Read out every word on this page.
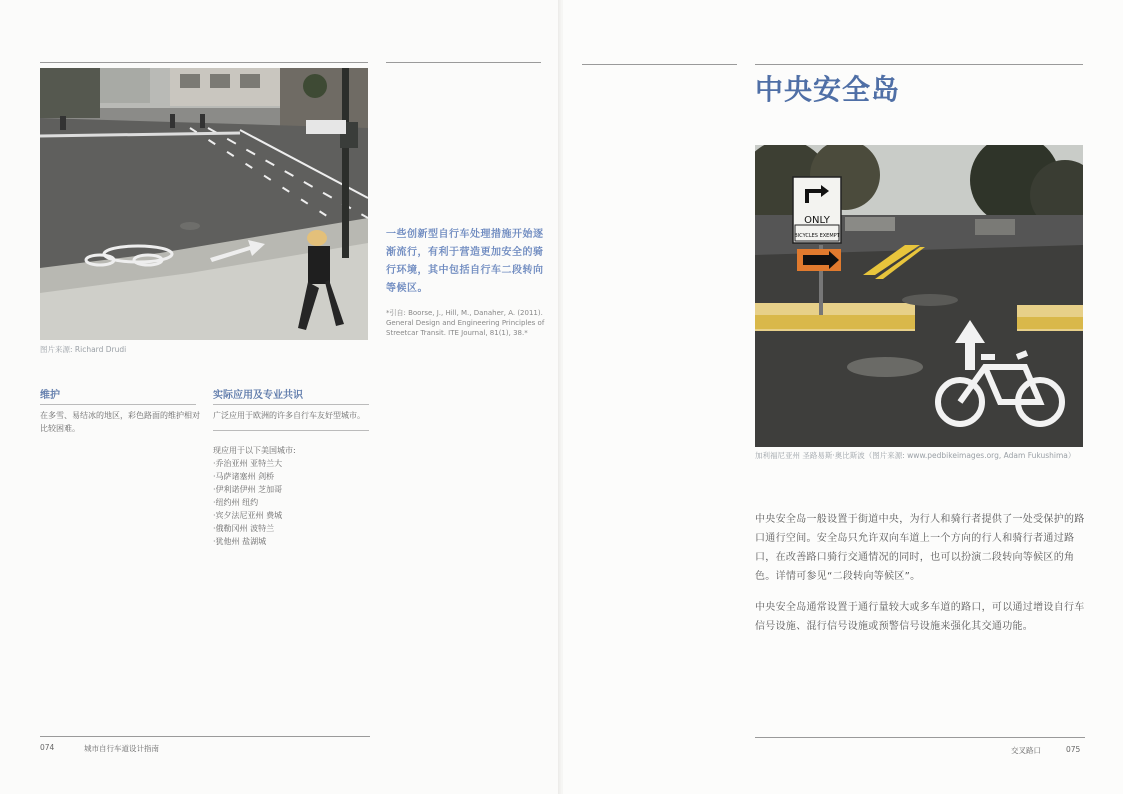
图片来源: Richard Drudi
一些创新型自行车处理措施开始逐渐流行，有利于营造更加安全的骑行环境，其中包括自行车二段转向等候区。
*引自: Boorse, J., Hill, M., Danaher, A. (2011). General Design and Engineering Principles of Streetcar Transit. ITE Journal, 81(1), 38.*
维护
在多雪、易结冰的地区，彩色路面的维护相对比较困难。
实际应用及专业共识
广泛应用于欧洲的许多自行车友好型城市。
现应用于以下美国城市:
·乔治亚州 亚特兰大
·马萨诸塞州 剑桥
·伊利诺伊州 芝加哥
·纽约州 纽约
·宾夕法尼亚州 费城
·俄勒冈州 波特兰
·犹他州 盐湖城
074	城市自行车道设计指南
中央安全岛
ONLY
BICYCLES EXEMPT
加利福尼亚州 圣路易斯·奥比斯波（图片来源: www.pedbikeimages.org, Adam Fukushima）
中央安全岛一般设置于街道中央，为行人和骑行者提供了一处受保护的路口通行空间。安全岛只允许双向车道上一个方向的行人和骑行者通过路口，在改善路口骑行交通情况的同时，也可以扮演二段转向等候区的角色。详情可参见“二段转向等候区”。
中央安全岛通常设置于通行量较大或多车道的路口，可以通过增设自行车信号设施、混行信号设施或预警信号设施来强化其交通功能。
交叉路口	075
